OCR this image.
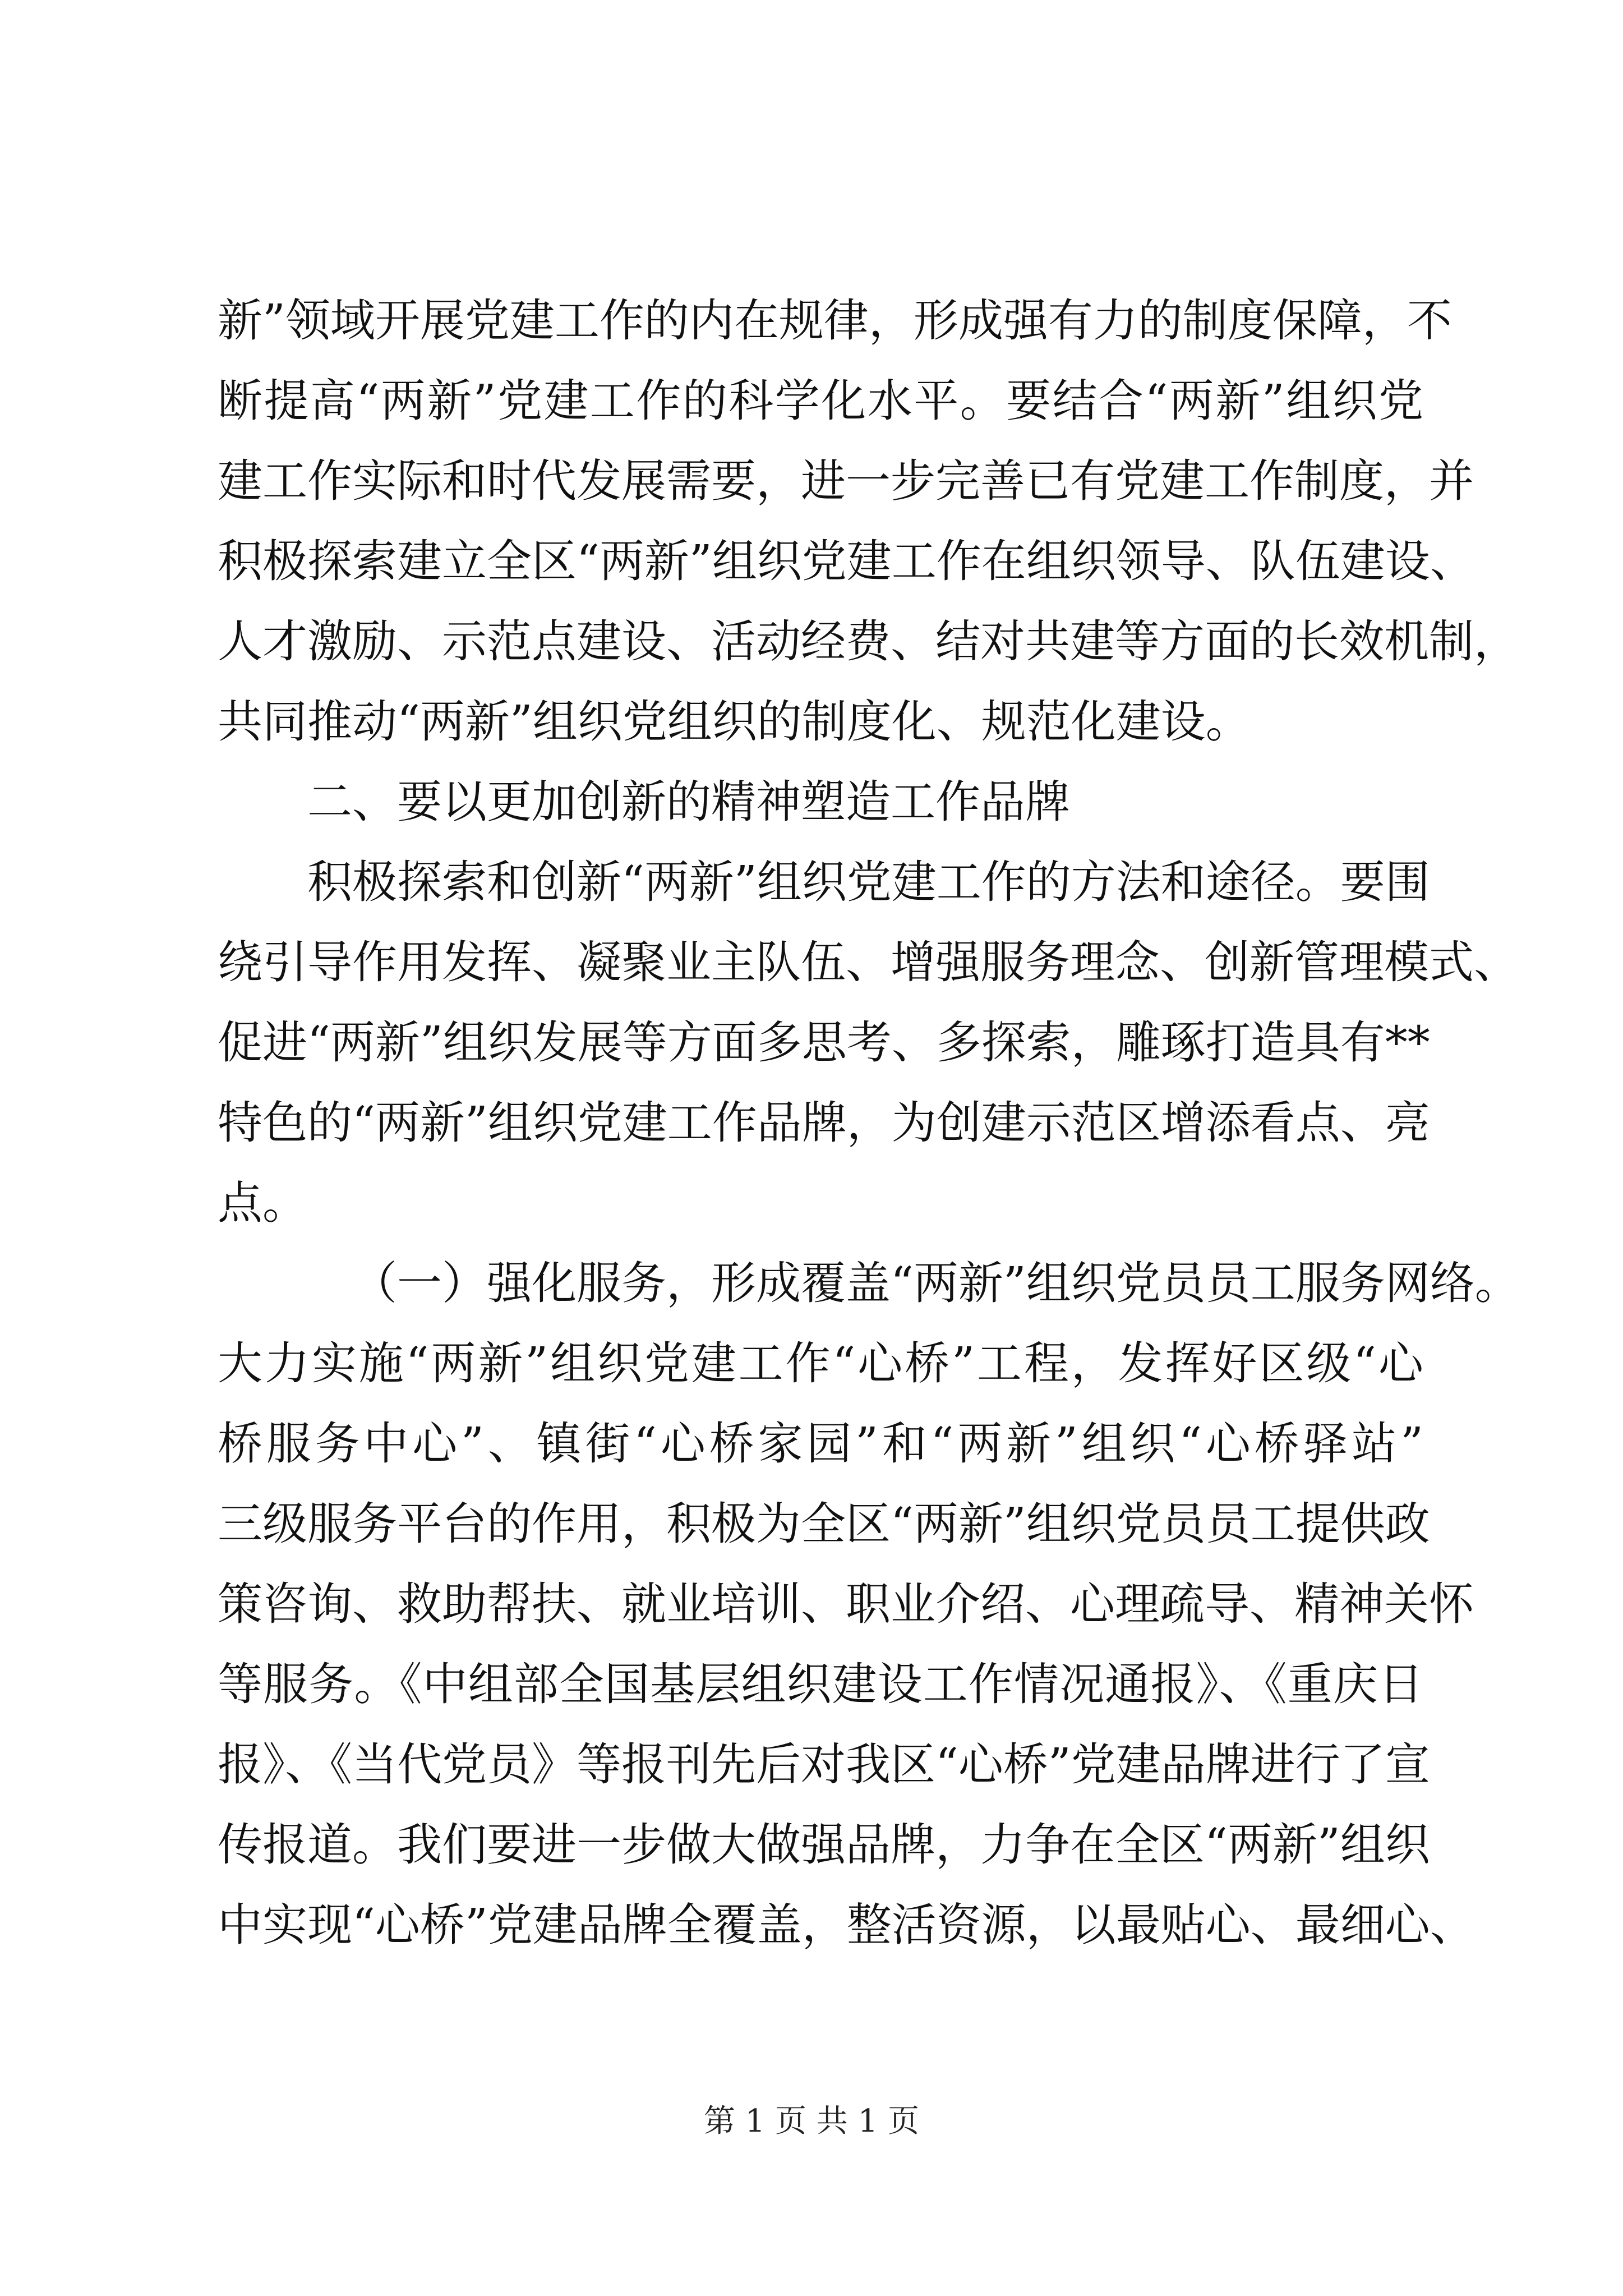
新”领域开展党建工作的内在规律，形成强有力的制度保障，不
断提高“两新”党建工作的科学化水平。要结合“两新”组织党
建工作实际和时代发展需要，进一步完善已有党建工作制度，并
积极探索建立全区“两新”组织党建工作在组织领导、队伍建设、
人才激励、示范点建设、活动经费、结对共建等方面的长效机制，
共同推动“两新”组织党组织的制度化、规范化建设。
二、要以更加创新的精神塑造工作品牌
积极探索和创新“两新”组织党建工作的方法和途径。要围
绕引导作用发挥、凝聚业主队伍、增强服务理念、创新管理模式、
促进“两新”组织发展等方面多思考、多探索，雕琢打造具有**
特色的“两新”组织党建工作品牌，为创建示范区增添看点、亮
点。
（一）强化服务，形成覆盖“两新”组织党员员工服务网络。
大力实施“两新”组织党建工作“心桥”工程，发挥好区级“心
桥服务中心”、镇街“心桥家园”和“两新”组织“心桥驿站”
三级服务平台的作用，积极为全区“两新”组织党员员工提供政
策咨询、救助帮扶、就业培训、职业介绍、心理疏导、精神关怀
等服务。《中组部全国基层组织建设工作情况通报》、《重庆日
报》、《当代党员》等报刊先后对我区“心桥”党建品牌进行了宣
传报道。我们要进一步做大做强品牌，力争在全区“两新”组织
中实现“心桥”党建品牌全覆盖，整活资源，以最贴心、最细心、
第 1 页 共 1 页
